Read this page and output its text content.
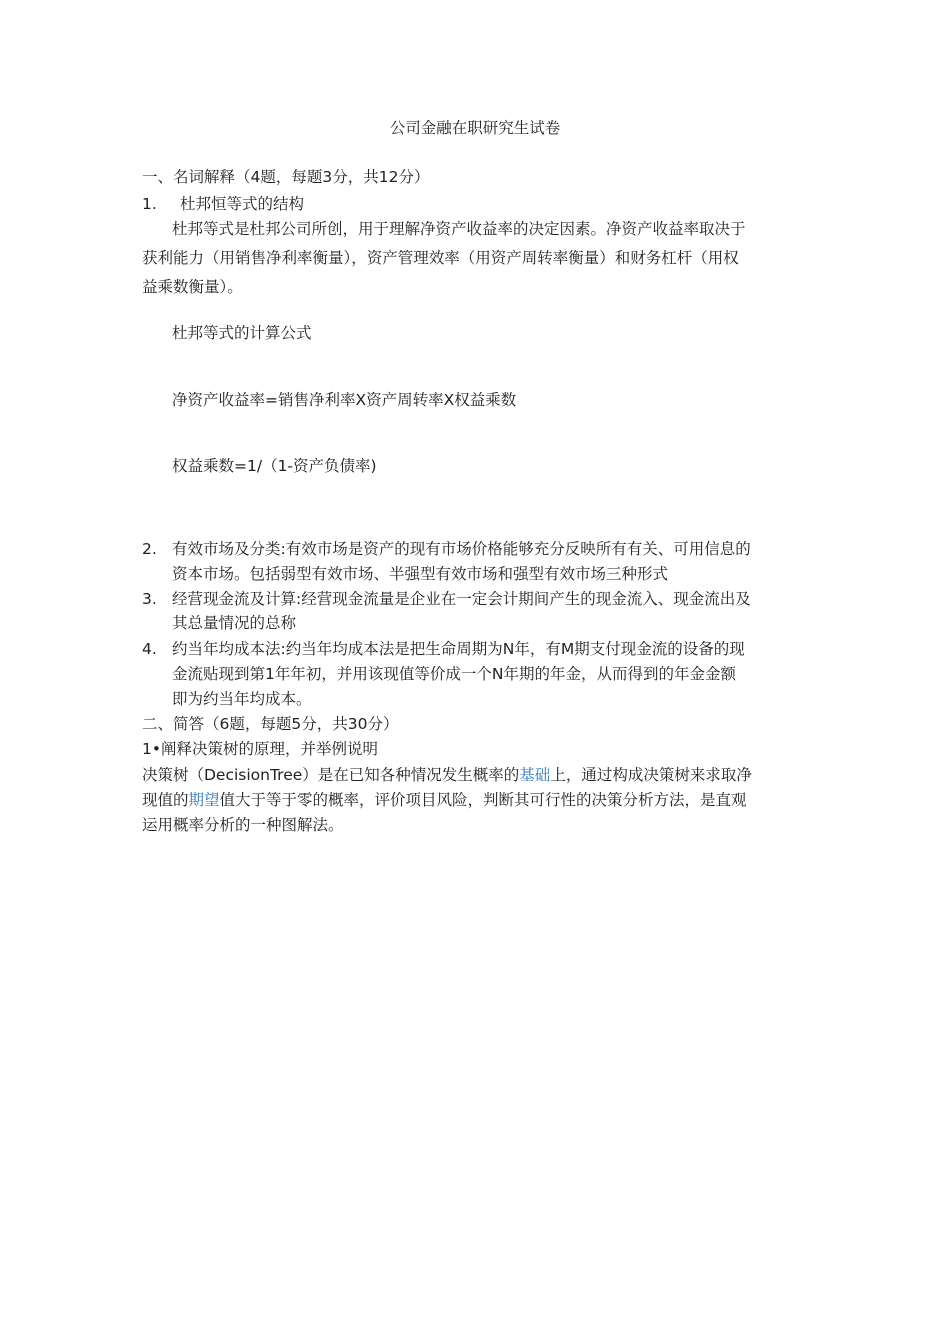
公司金融在职研究生试卷
一、名词解释（4题，每题3分，共12分）
1. 杜邦恒等式的结构
杜邦等式是杜邦公司所创，用于理解净资产收益率的决定因素。净资产收益率取决于
获利能力（用销售净利率衡量），资产管理效率（用资产周转率衡量）和财务杠杆（用权
益乘数衡量）。
杜邦等式的计算公式
净资产收益率=销售净利率X资产周转率X权益乘数
权益乘数=1/（1-资产负债率)
2. 有效市场及分类:有效市场是资产的现有市场价格能够充分反映所有有关、可用信息的
资本市场。包括弱型有效市场、半强型有效市场和强型有效市场三种形式
3. 经营现金流及计算:经营现金流量是企业在一定会计期间产生的现金流入、现金流出及
其总量情况的总称
4. 约当年均成本法:约当年均成本法是把生命周期为N年，有M期支付现金流的设备的现
金流贴现到第1年年初，并用该现值等价成一个N年期的年金，从而得到的年金金额
即为约当年均成本。
二、简答（6题，每题5分，共30分）
1•阐释决策树的原理，并举例说明
决策树（DecisionTree）是在已知各种情况发生概率的基础上，通过构成决策树来求取净
现值的期望值大于等于零的概率，评价项目风险，判断其可行性的决策分析方法，是直观
运用概率分析的一种图解法。
